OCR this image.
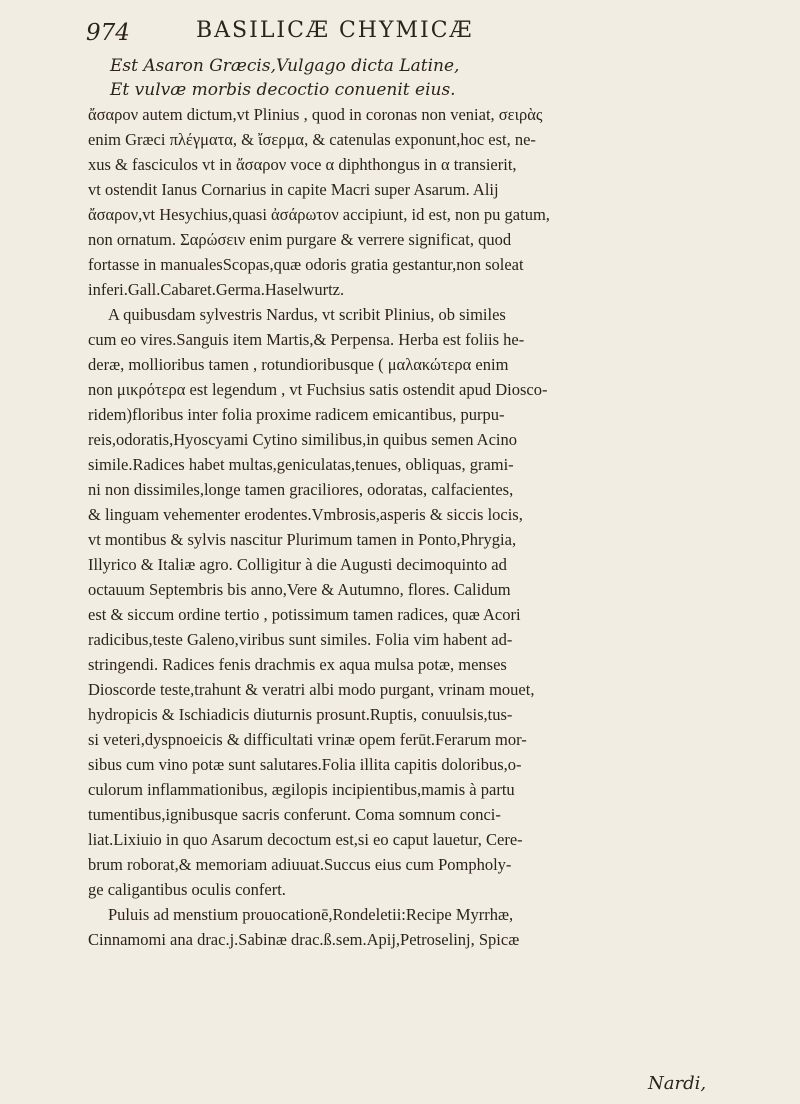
974	BASILICÆ CHYMICÆ
Est Asaron Græcis,Vulgago dicta Latine,
Et vulvæ morbis decoctio conuenit eius.
ἄσαρον autem dictum,vt Plinius , quod in coronas non veniat, σειρὰς
enim Græci πλέγματα, & ἴσερμα, & catenulas exponunt,hoc est, ne-
xus & fasciculos vt in ἄσαρον voce α diphthongus in α transierit,
vt ostendit Ianus Cornarius in capite Macri super Asarum. Alij
ἄσαρον,vt Hesychius,quasi ἀσάρωτον accipiunt, id est, non pu gatum,
non ornatum. Σαρώσειν enim purgare & verrere significat, quod
fortasse in manualesScopas,quæ odoris gratia gestantur,non soleat
inferi.Gall.Cabaret.Germa.Haselwurtz.
A quibusdam sylvestris Nardus, vt scribit Plinius, ob similes
cum eo vires.Sanguis item Martis,& Perpensa. Herba est foliis he-
deræ, mollioribus tamen , rotundioribusque ( μαλακώτερα enim
non μικρότερα est legendum , vt Fuchsius satis ostendit apud Diosco-
ridem)floribus inter folia proxime radicem emicantibus, purpu-
reis,odoratis,Hyoscyami Cytino similibus,in quibus semen Acino
simile.Radices habet multas,geniculatas,tenues, obliquas, grami-
ni non dissimiles,longe tamen graciliores, odoratas, calfacientes,
& linguam vehementer erodentes.Vmbrosis,asperis & siccis locis,
vt montibus & sylvis nascitur Plurimum tamen in Ponto,Phrygia,
Illyrico & Italiæ agro. Colligitur à die Augusti decimoquinto ad
octauum Septembris bis anno,Vere & Autumno, flores. Calidum
est & siccum ordine tertio , potissimum tamen radices, quæ Acori
radicibus,teste Galeno,viribus sunt similes. Folia vim habent ad-
stringendi. Radices fenis drachmis ex aqua mulsa potæ, menses
Dioscorde teste,trahunt & veratri albi modo purgant, vrinam mouet,
hydropicis & Ischiadicis diuturnis prosunt.Ruptis, conuulsis,tus-
si veteri,dyspnoeicis & difficultati vrinæ opem ferūt.Ferarum mor-
sibus cum vino potæ sunt salutares.Folia illita capitis doloribus,o-
culorum inflammationibus, ægilopis incipientibus,mamis à partu
tumentibus,ignibusque sacris conferunt. Coma somnum conci-
liat.Lixiuio in quo Asarum decoctum est,si eo caput lauetur, Cere-
brum roborat,& memoriam adiuuat.Succus eius cum Pompholy-
ge caligantibus oculis confert.
Puluis ad menstium prouocationē,Rondeletii:Recipe Myrrhæ,
Cinnamomi ana drac.j.Sabinæ drac.ß.sem.Apij,Petroselinj, Spicæ
Nardi,
